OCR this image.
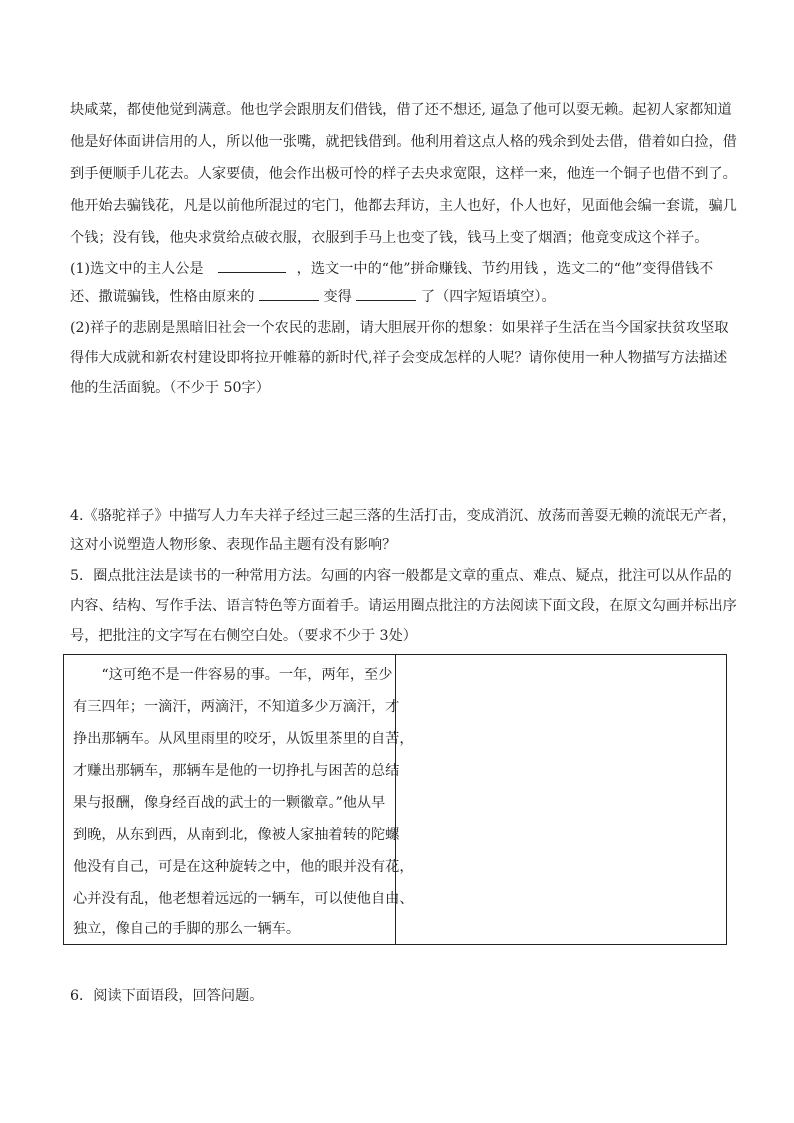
块咸菜，都使他觉到满意。他也学会跟朋友们借钱，借了还不想还, 逼急了他可以耍无赖。起初人家都知道
他是好体面讲信用的人，所以他一张嘴，就把钱借到。他利用着这点人格的残余到处去借，借着如白捡，借
到手便顺手儿花去。人家要债，他会作出极可怜的样子去央求宽限，这样一来，他连一个铜子也借不到了。
他开始去骗钱花，凡是以前他所混过的宅门，他都去拜访，主人也好，仆人也好，见面他会编一套谎，骗几
个钱；没有钱，他央求赏给点破衣服，衣服到手马上也变了钱，钱马上变了烟酒；他竟变成这个祥子。
(1)选文中的主人公是	，选文一中的“他”拼命赚钱、节约用钱 ，选文二的“他”变得借钱不
还、撒谎骗钱，性格由原来的	变得	了（四字短语填空）。
(2)祥子的悲剧是黑暗旧社会一个农民的悲剧，请大胆展开你的想象：如果祥子生活在当今国家扶贫攻坚取
得伟大成就和新农村建设即将拉开帷幕的新时代,祥子会变成怎样的人呢？请你使用一种人物描写方法描述
他的生活面貌。（不少于 50字）
4.《骆驼祥子》中描写人力车夫祥子经过三起三落的生活打击，变成消沉、放荡而善耍无赖的流氓无产者，
这对小说塑造人物形象、表现作品主题有没有影响？
5．圈点批注法是读书的一种常用方法。勾画的内容一般都是文章的重点、难点、疑点，批注可以从作品的
内容、结构、写作手法、语言特色等方面着手。请运用圈点批注的方法阅读下面文段，在原文勾画并标出序
号，把批注的文字写在右侧空白处。（要求不少于 3处）
　　“这可绝不是一件容易的事。一年，两年，至少
有三四年；一滴汗，两滴汗，不知道多少万滴汗，才
挣出那辆车。从风里雨里的咬牙，从饭里茶里的自苦，
才赚出那辆车，那辆车是他的一切挣扎与困苦的总结
果与报酬，像身经百战的武士的一颗徽章。”他从早
到晚，从东到西，从南到北，像被人家抽着转的陀螺
他没有自己，可是在这种旋转之中，他的眼并没有花，
心并没有乱，他老想着远远的一辆车，可以使他自由、
独立，像自己的手脚的那么一辆车。
6．阅读下面语段，回答问题。
